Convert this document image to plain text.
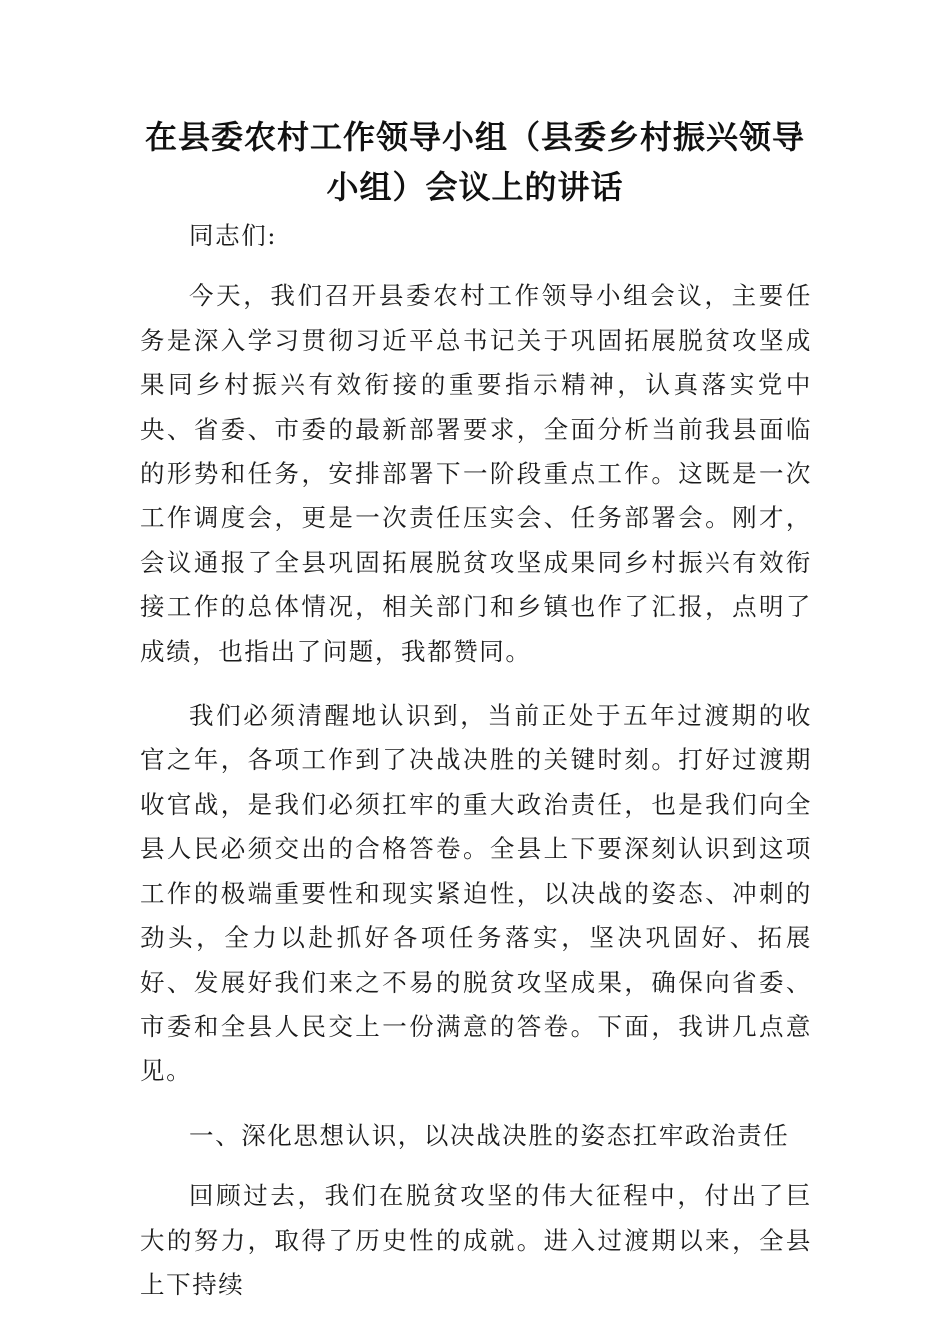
在县委农村工作领导小组（县委乡村振兴领导
小组）会议上的讲话

同志们:

今天，我们召开县委农村工作领导小组会议，主要任务是深入学习贯彻习近平总书记关于巩固拓展脱贫攻坚成果同乡村振兴有效衔接的重要指示精神，认真落实党中央、省委、市委的最新部署要求，全面分析当前我县面临的形势和任务，安排部署下一阶段重点工作。这既是一次工作调度会，更是一次责任压实会、任务部署会。刚才，会议通报了全县巩固拓展脱贫攻坚成果同乡村振兴有效衔接工作的总体情况，相关部门和乡镇也作了汇报，点明了成绩，也指出了问题，我都赞同。

我们必须清醒地认识到，当前正处于五年过渡期的收官之年，各项工作到了决战决胜的关键时刻。打好过渡期收官战，是我们必须扛牢的重大政治责任，也是我们向全县人民必须交出的合格答卷。全县上下要深刻认识到这项工作的极端重要性和现实紧迫性，以决战的姿态、冲刺的劲头，全力以赴抓好各项任务落实，坚决巩固好、拓展好、发展好我们来之不易的脱贫攻坚成果，确保向省委、市委和全县人民交上一份满意的答卷。下面，我讲几点意见。

一、深化思想认识，以决战决胜的姿态扛牢政治责任

回顾过去，我们在脱贫攻坚的伟大征程中，付出了巨大的努力，取得了历史性的成就。进入过渡期以来，全县上下持续
